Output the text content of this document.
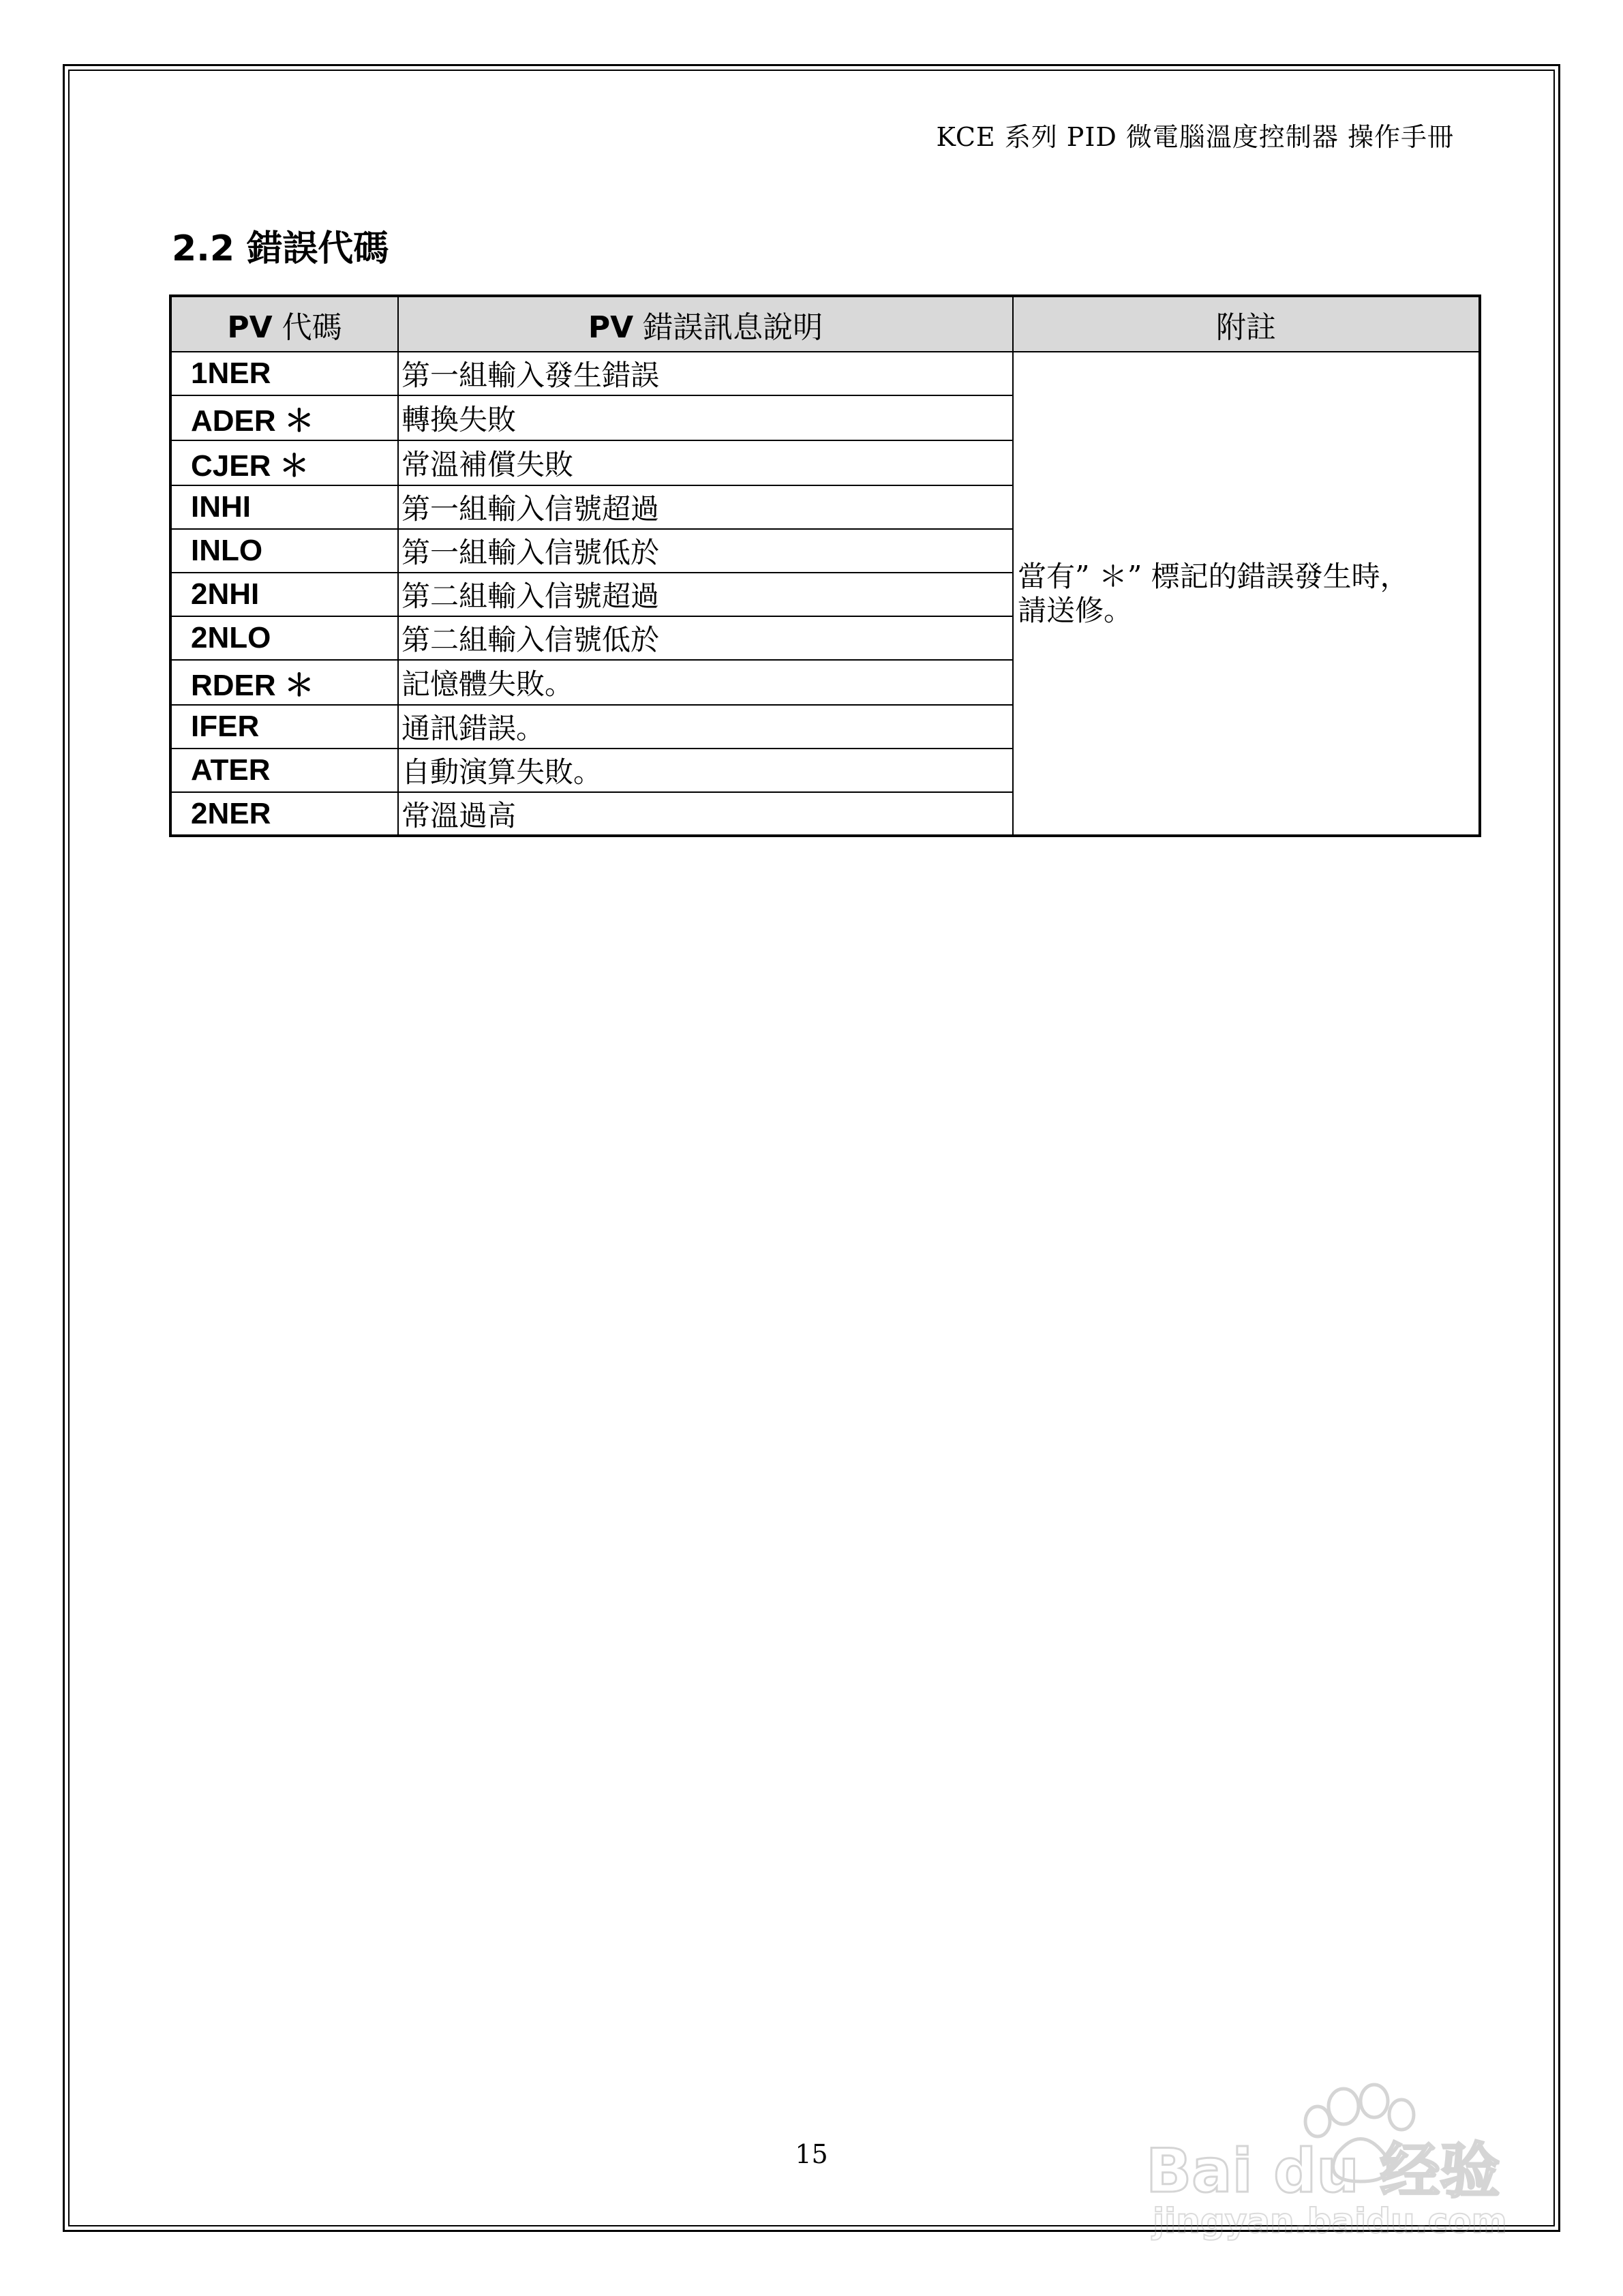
KCE 系列 PID 微電腦溫度控制器 操作手冊
2.2 錯誤代碼
PV 代碼	PV 錯誤訊息說明	附註
1NER	第一組輸入發生錯誤	當有” ＊” 標記的錯誤發生時，
請送修。

ADER ＊	轉換失敗	
CJER ＊	常溫補償失敗	
INHI	第一組輸入信號超過	
INLO	第一組輸入信號低於	
2NHI	第二組輸入信號超過	
2NLO	第二組輸入信號低於	
RDER ＊	記憶體失敗。	
IFER	通訊錯誤。	
ATER	自動演算失敗。	
2NER	常溫過高	
15	Bai du 经验
jingyan.baidu.com
